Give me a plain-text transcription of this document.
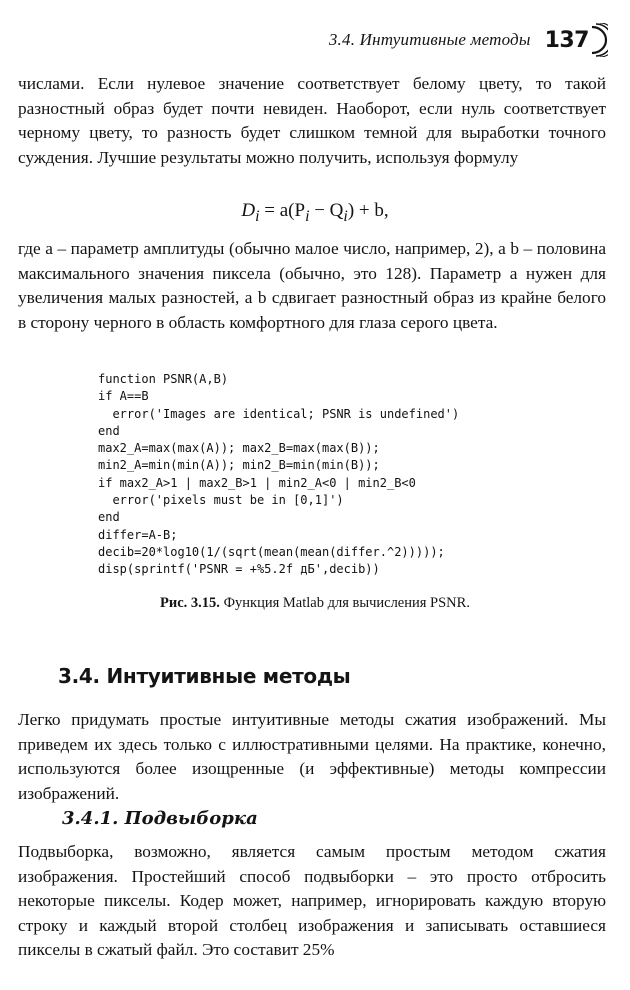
3.4. Интуитивные методы 137

числами. Если нулевое значение соответствует белому цвету, то такой разностный образ будет почти невиден. Наоборот, если нуль соответствует черному цвету, то разность будет слишком темной для выработки точного суждения. Лучшие результаты можно получить, используя формулу

$D_i = a(P_i - Q_i) + b$,

где a – параметр амплитуды (обычно малое число, например, 2), а b – половина максимального значения пиксела (обычно, это 128). Параметр a нужен для увеличения малых разностей, а b сдвигает разностный образ из крайне белого в сторону черного в область комфортного для глаза серого цвета.

function PSNR(A,B)
if A==B
error('Images are identical; PSNR is undefined')
end
max2_A=max(max(A)); max2_B=max(max(B));
min2_A=min(min(A)); min2_B=min(min(B));
if max2_A>1 | max2_B>1 | min2_A<0 | min2_B<0
error('pixels must be in [0,1]')
end
differ=A-B;
decib=20*log10(1/(sqrt(mean(mean(differ.^2)))));
disp(sprintf('PSNR = +%5.2f дБ',decib))
Рис. 3.15. Функция Matlab для вычисления PSNR.
3.4. Интуитивные методы

Легко придумать простые интуитивные методы сжатия изображений. Мы приведем их здесь только с иллюстративными целями. На практике, конечно, используются более изощренные (и эффективные) методы компрессии изображений.

3.4.1. Подвыборка

Подвыборка, возможно, является самым простым методом сжатия изображения. Простейший способ подвыборки – это просто отбросить некоторые пикселы. Кодер может, например, игнорировать каждую вторую строку и каждый второй столбец изображения и записывать оставшиеся пикселы в сжатый файл. Это составит 25%
